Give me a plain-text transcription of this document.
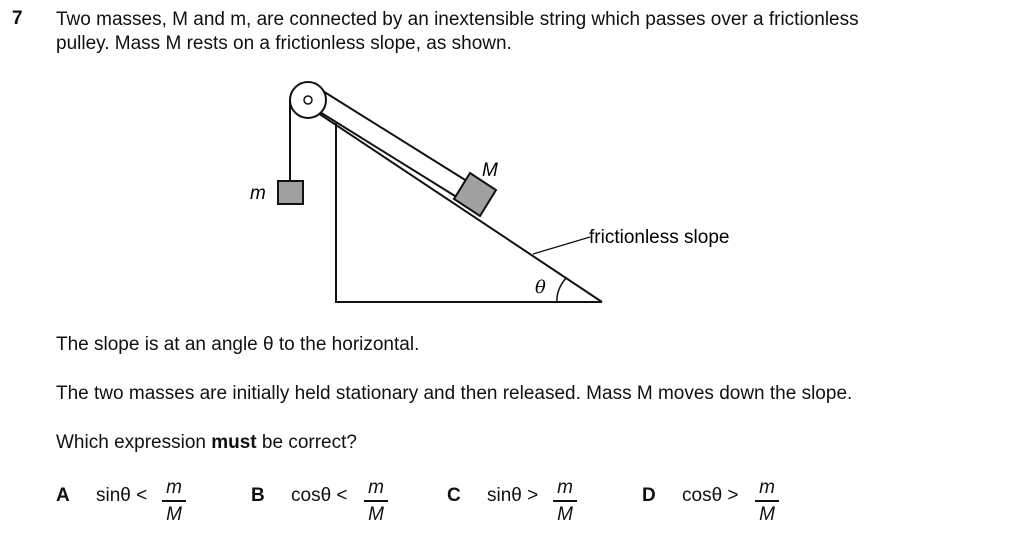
7 Two masses, M and m, are connected by an inextensible string which passes over a frictionless
pulley. Mass M rests on a frictionless slope, as shown.
m
M
θ
frictionless slope
The slope is at an angle θ to the horizontal.
The two masses are initially held stationary and then released. Mass M moves down the slope.
Which expression must be correct?
A sinθ < m
M
B cosθ < m
M
C sinθ > m
M
D cosθ > m
M
